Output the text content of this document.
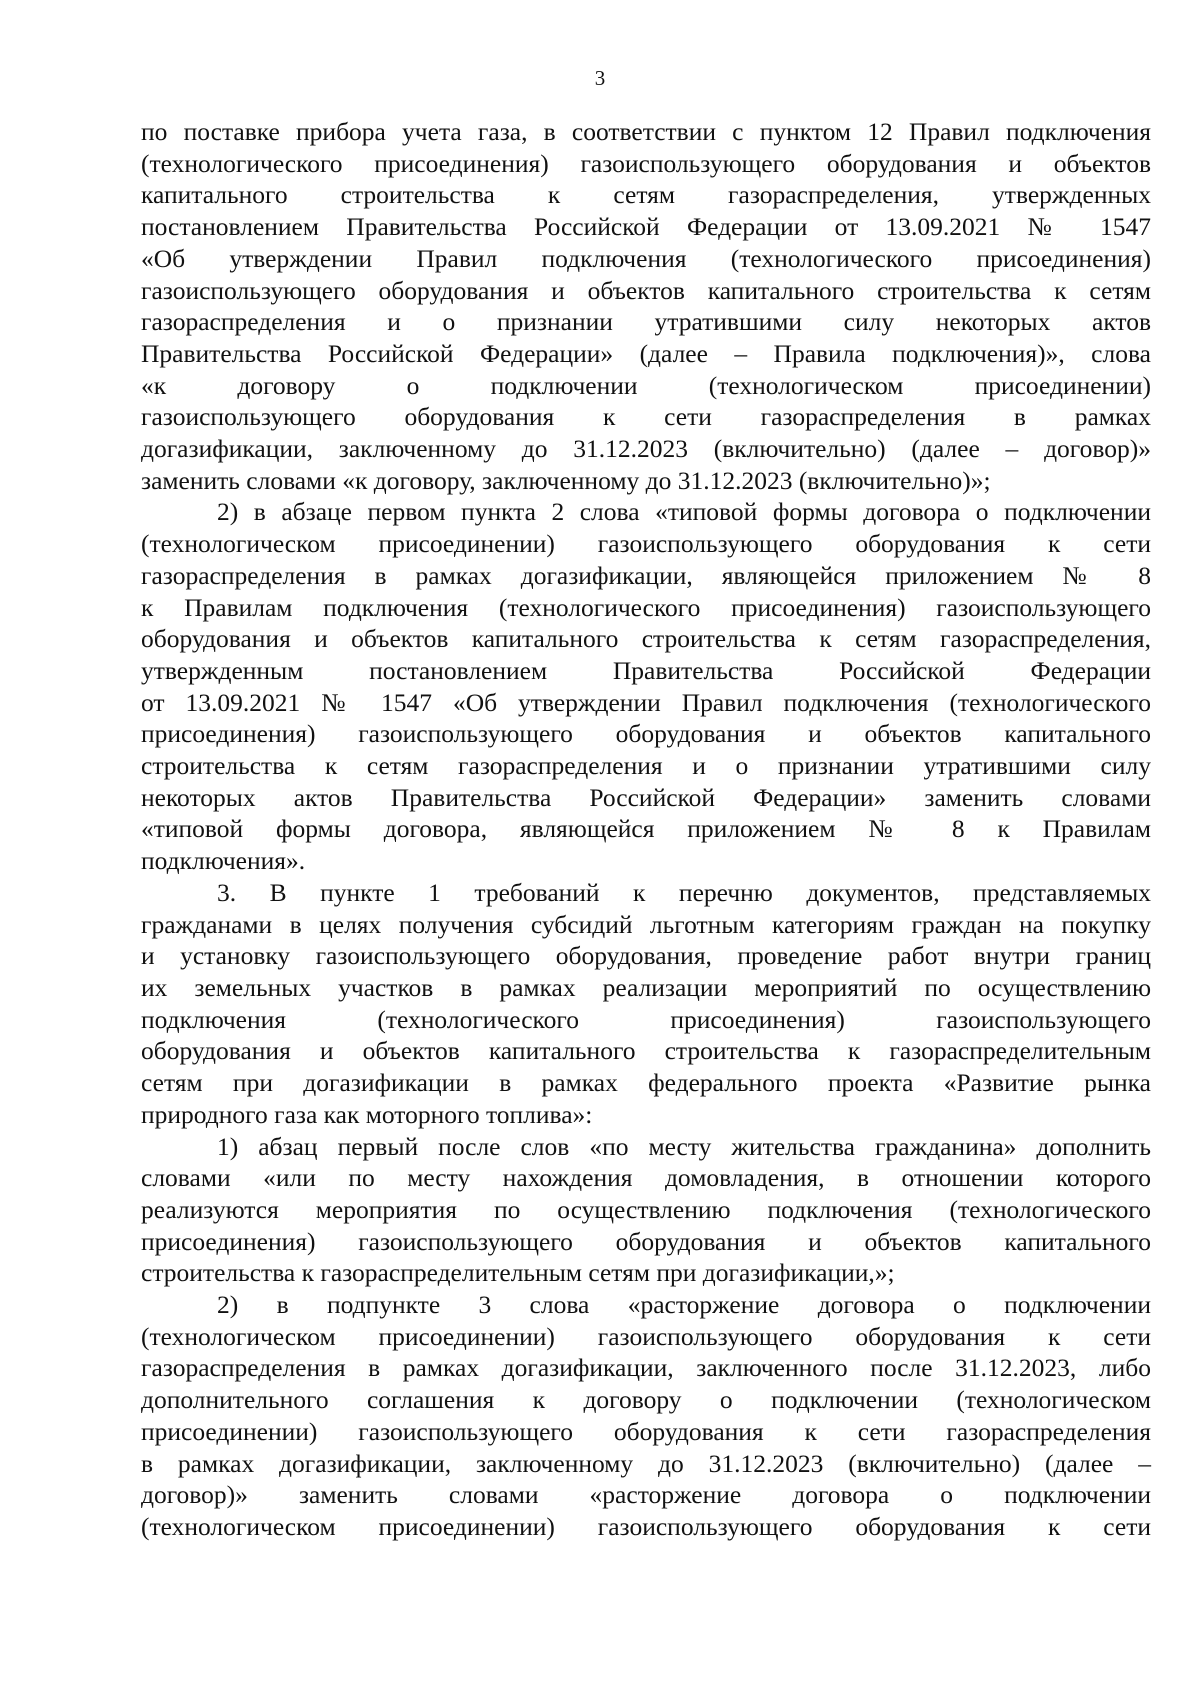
3
по поставке прибора учета газа, в соответствии с пунктом 12 Правил подключения
(технологического присоединения) газоиспользующего оборудования и объектов
капитального строительства к сетям газораспределения, утвержденных
постановлением Правительства Российской Федерации от 13.09.2021 № 1547
«Об утверждении Правил подключения (технологического присоединения)
газоиспользующего оборудования и объектов капитального строительства к сетям
газораспределения и о признании утратившими силу некоторых актов
Правительства Российской Федерации» (далее – Правила подключения)», слова
«к договору о подключении (технологическом присоединении)
газоиспользующего оборудования к сети газораспределения в рамках
догазификации, заключенному до 31.12.2023 (включительно) (далее – договор)»
заменить словами «к договору, заключенному до 31.12.2023 (включительно)»;
2) в абзаце первом пункта 2 слова «типовой формы договора о подключении
(технологическом присоединении) газоиспользующего оборудования к сети
газораспределения в рамках догазификации, являющейся приложением № 8
к Правилам подключения (технологического присоединения) газоиспользующего
оборудования и объектов капитального строительства к сетям газораспределения,
утвержденным постановлением Правительства Российской Федерации
от 13.09.2021 № 1547 «Об утверждении Правил подключения (технологического
присоединения) газоиспользующего оборудования и объектов капитального
строительства к сетям газораспределения и о признании утратившими силу
некоторых актов Правительства Российской Федерации» заменить словами
«типовой формы договора, являющейся приложением № 8 к Правилам
подключения».
3. В пункте 1 требований к перечню документов, представляемых
гражданами в целях получения субсидий льготным категориям граждан на покупку
и установку газоиспользующего оборудования, проведение работ внутри границ
их земельных участков в рамках реализации мероприятий по осуществлению
подключения (технологического присоединения) газоиспользующего
оборудования и объектов капитального строительства к газораспределительным
сетям при догазификации в рамках федерального проекта «Развитие рынка
природного газа как моторного топлива»:
1) абзац первый после слов «по месту жительства гражданина» дополнить
словами «или по месту нахождения домовладения, в отношении которого
реализуются мероприятия по осуществлению подключения (технологического
присоединения) газоиспользующего оборудования и объектов капитального
строительства к газораспределительным сетям при догазификации,»;
2) в подпункте 3 слова «расторжение договора о подключении
(технологическом присоединении) газоиспользующего оборудования к сети
газораспределения в рамках догазификации, заключенного после 31.12.2023, либо
дополнительного соглашения к договору о подключении (технологическом
присоединении) газоиспользующего оборудования к сети газораспределения
в рамках догазификации, заключенному до 31.12.2023 (включительно) (далее –
договор)» заменить словами «расторжение договора о подключении
(технологическом присоединении) газоиспользующего оборудования к сети
